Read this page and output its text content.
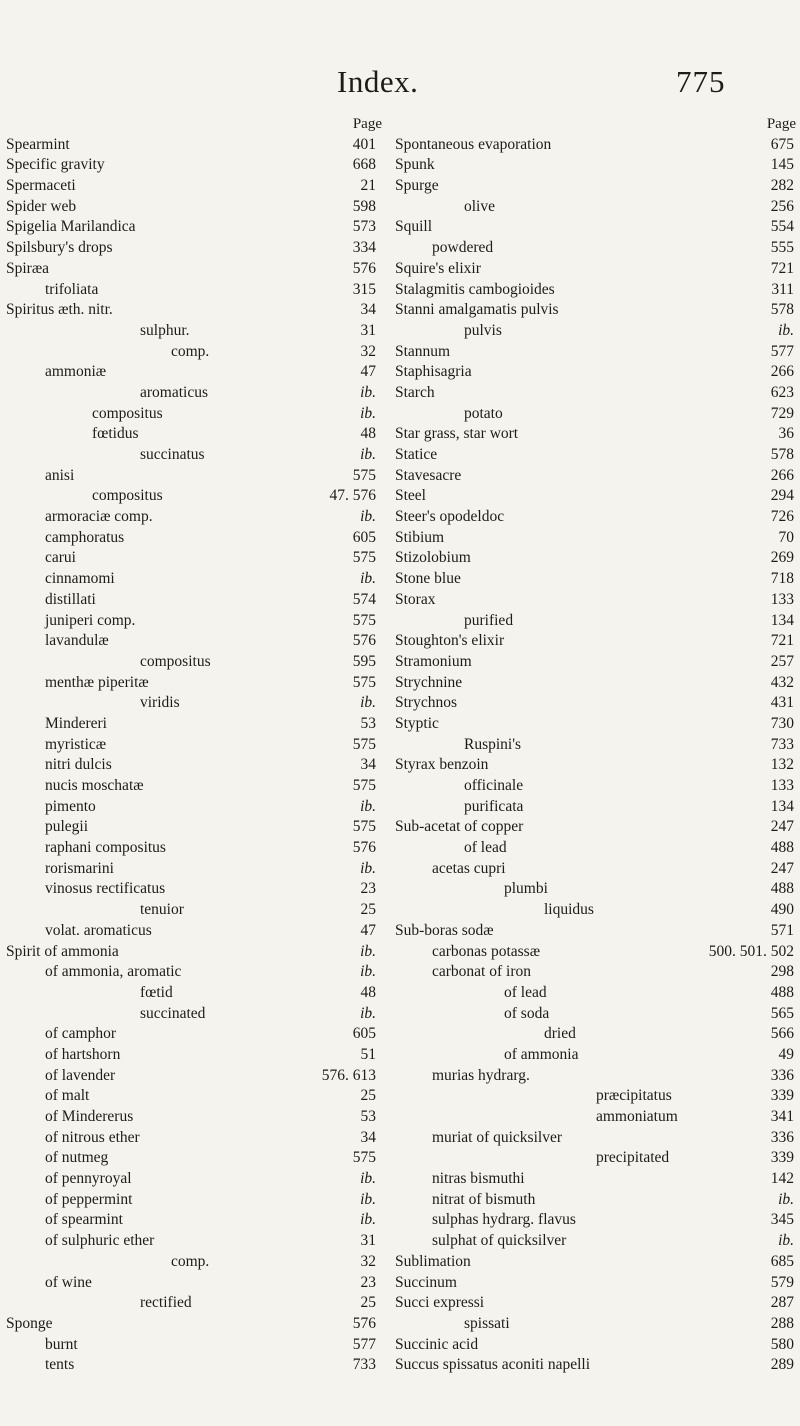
Index.	775
Page
Spearmint	401
Specific gravity	668
Spermaceti	21
Spider web	598
Spigelia Marilandica	573
Spilsbury's drops	334
Spiræa	576
trifoliata	315
Spiritus æth. nitr.	34
sulphur.	31
comp.	32
ammoniæ	47
aromaticus	ib.
compositus	ib.
fœtidus	48
succinatus	ib.
anisi	575
compositus	47. 576
armoraciæ comp.	ib.
camphoratus	605
carui	575
cinnamomi	ib.
distillati	574
juniperi comp.	575
lavandulæ	576
compositus	595
menthæ piperitæ	575
viridis	ib.
Mindereri	53
myristicæ	575
nitri dulcis	34
nucis moschatæ	575
pimento	ib.
pulegii	575
raphani compositus	576
rorismarini	ib.
vinosus rectificatus	23
tenuior	25
volat. aromaticus	47
Spirit of ammonia	ib.
of ammonia, aromatic	ib.
fœtid	48
succinated	ib.
of camphor	605
of hartshorn	51
of lavender	576. 613
of malt	25
of Mindererus	53
of nitrous ether	34
of nutmeg	575
of pennyroyal	ib.
of peppermint	ib.
of spearmint	ib.
of sulphuric ether	31
comp.	32
of wine	23
rectified	25
Sponge	576
burnt	577
tents	733
Page
Spontaneous evaporation	675
Spunk	145
Spurge	282
olive	256
Squill	554
powdered	555
Squire's elixir	721
Stalagmitis cambogioides	311
Stanni amalgamatis pulvis	578
pulvis	ib.
Stannum	577
Staphisagria	266
Starch	623
potato	729
Star grass, star wort	36
Statice	578
Stavesacre	266
Steel	294
Steer's opodeldoc	726
Stibium	70
Stizolobium	269
Stone blue	718
Storax	133
purified	134
Stoughton's elixir	721
Stramonium	257
Strychnine	432
Strychnos	431
Styptic	730
Ruspini's	733
Styrax benzoin	132
officinale	133
purificata	134
Sub-acetat of copper	247
of lead	488
acetas cupri	247
plumbi	488
liquidus	490
Sub-boras sodæ	571
carbonas potassæ	500. 501. 502
carbonat of iron	298
of lead	488
of soda	565
dried	566
of ammonia	49
murias hydrarg.	336
præcipitatus	339
ammoniatum	341
muriat of quicksilver	336
precipitated	339
nitras bismuthi	142
nitrat of bismuth	ib.
sulphas hydrarg. flavus	345
sulphat of quicksilver	ib.
Sublimation	685
Succinum	579
Succi expressi	287
spissati	288
Succinic acid	580
Succus spissatus aconiti napelli	289
